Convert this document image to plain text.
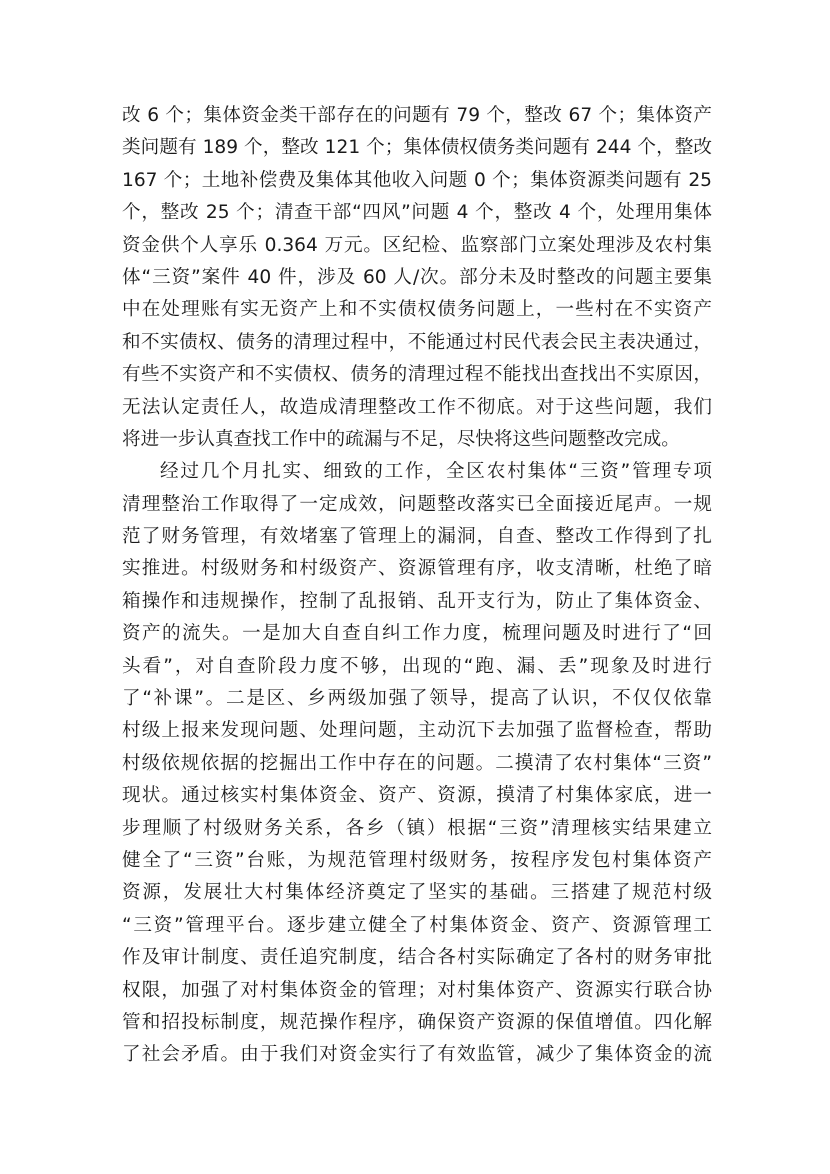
改 6 个；集体资金类干部存在的问题有 79 个，整改 67 个；集体资产
类问题有 189 个，整改 121 个；集体债权债务类问题有 244 个，整改
167 个；土地补偿费及集体其他收入问题 0 个；集体资源类问题有 25
个，整改 25 个；清查干部“四风”问题 4 个，整改 4 个，处理用集体
资金供个人享乐 0.364 万元。区纪检、监察部门立案处理涉及农村集
体“三资”案件 40 件，涉及 60 人/次。部分未及时整改的问题主要集
中在处理账有实无资产上和不实债权债务问题上，一些村在不实资产
和不实债权、债务的清理过程中，不能通过村民代表会民主表决通过，
有些不实资产和不实债权、债务的清理过程不能找出查找出不实原因，
无法认定责任人，故造成清理整改工作不彻底。对于这些问题，我们
将进一步认真查找工作中的疏漏与不足，尽快将这些问题整改完成。
经过几个月扎实、细致的工作，全区农村集体“三资”管理专项
清理整治工作取得了一定成效，问题整改落实已全面接近尾声。一规
范了财务管理，有效堵塞了管理上的漏洞，自查、整改工作得到了扎
实推进。村级财务和村级资产、资源管理有序，收支清晰，杜绝了暗
箱操作和违规操作，控制了乱报销、乱开支行为，防止了集体资金、
资产的流失。一是加大自查自纠工作力度，梳理问题及时进行了“回
头看”，对自查阶段力度不够，出现的“跑、漏、丢”现象及时进行
了“补课”。二是区、乡两级加强了领导，提高了认识，不仅仅依靠
村级上报来发现问题、处理问题，主动沉下去加强了监督检查，帮助
村级依规依据的挖掘出工作中存在的问题。二摸清了农村集体“三资”
现状。通过核实村集体资金、资产、资源，摸清了村集体家底，进一
步理顺了村级财务关系，各乡（镇）根据“三资”清理核实结果建立
健全了“三资”台账，为规范管理村级财务，按程序发包村集体资产
资源，发展壮大村集体经济奠定了坚实的基础。三搭建了规范村级
“三资”管理平台。逐步建立健全了村集体资金、资产、资源管理工
作及审计制度、责任追究制度，结合各村实际确定了各村的财务审批
权限，加强了对村集体资金的管理；对村集体资产、资源实行联合协
管和招投标制度，规范操作程序，确保资产资源的保值增值。四化解
了社会矛盾。由于我们对资金实行了有效监管，减少了集体资金的流
